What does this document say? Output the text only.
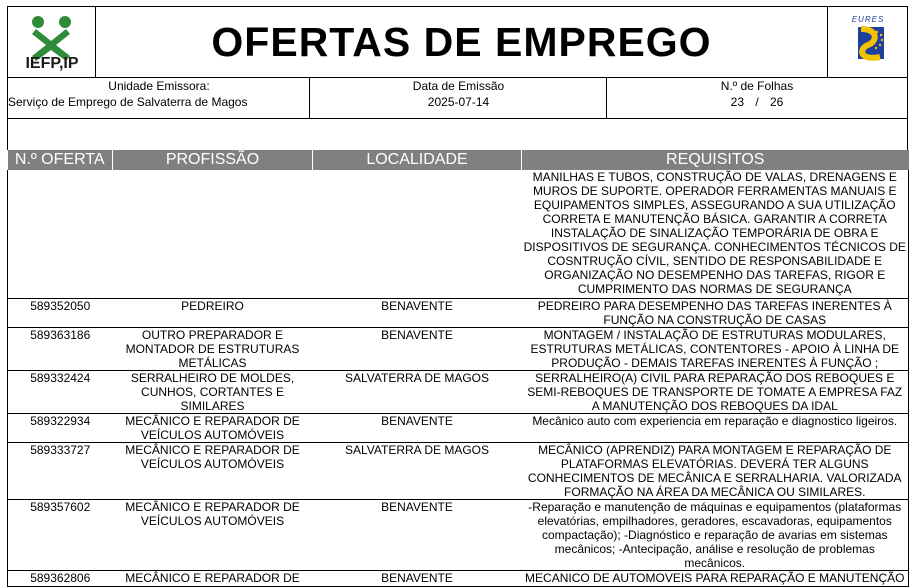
IEFP,IP	OFERTAS DE EMPREGO	EURES
Unidade Emissora:
Serviço de Emprego de Salvaterra de Magos
Data de Emissão
2025-07-14
N.º de Folhas
23 / 26
N.º OFERTA	PROFISSÃO	LOCALIDADE	REQUISITOS
			MANILHAS E TUBOS, CONSTRUÇÃO DE VALAS, DRENAGENS E MUROS DE SUPORTE. OPERADOR FERRAMENTAS MANUAIS E EQUIPAMENTOS SIMPLES, ASSEGURANDO A SUA UTILIZAÇÃO CORRETA E MANUTENÇÃO BÁSICA. GARANTIR A CORRETA INSTALAÇÃO DE SINALIZAÇÃO TEMPORÁRIA DE OBRA E DISPOSITIVOS DE SEGURANÇA. CONHECIMENTOS TÉCNICOS DE COSNTRUÇÃO CÍVIL, SENTIDO DE RESPONSABILIDADE E ORGANIZAÇÃO NO DESEMPENHO DAS TAREFAS, RIGOR E CUMPRIMENTO DAS NORMAS DE SEGURANÇA
589352050	PEDREIRO	BENAVENTE	PEDREIRO PARA DESEMPENHO DAS TAREFAS INERENTES À FUNÇÃO NA CONSTRUÇÃO DE CASAS
589363186	OUTRO PREPARADOR E MONTADOR DE ESTRUTURAS METÁLICAS	BENAVENTE	MONTAGEM / INSTALAÇÃO DE ESTRUTURAS MODULARES, ESTRUTURAS METÁLICAS, CONTENTORES - APOIO À LINHA DE PRODUÇÃO - DEMAIS TAREFAS INERENTES À FUNÇÃO ;
589332424	SERRALHEIRO DE MOLDES, CUNHOS, CORTANTES E SIMILARES	SALVATERRA DE MAGOS	SERRALHEIRO(A) CIVIL PARA REPARAÇÃO DOS REBOQUES E SEMI-REBOQUES DE TRANSPORTE DE TOMATE A EMPRESA FAZ A MANUTENÇÃO DOS REBOQUES DA IDAL
589322934	MECÂNICO E REPARADOR DE VEÍCULOS AUTOMÓVEIS	BENAVENTE	Mecânico auto com experiencia em reparação e diagnostico ligeiros.
589333727	MECÂNICO E REPARADOR DE VEÍCULOS AUTOMÓVEIS	SALVATERRA DE MAGOS	MECÂNICO (APRENDIZ) PARA MONTAGEM E REPARAÇÃO DE PLATAFORMAS ELEVATÓRIAS. DEVERÁ TER ALGUNS CONHECIMENTOS DE MECÂNICA E SERRALHARIA. VALORIZADA FORMAÇÃO NA ÁREA DA MECÂNICA OU SIMILARES.
589357602	MECÂNICO E REPARADOR DE VEÍCULOS AUTOMÓVEIS	BENAVENTE	-Reparação e manutenção de máquinas e equipamentos (plataformas elevatórias, empilhadores, geradores, escavadoras, equipamentos compactação); -Diagnóstico e reparação de avarias em sistemas mecânicos; -Antecipação, análise e resolução de problemas mecânicos.
589362806	MECÂNICO E REPARADOR DE	BENAVENTE	MECANICO DE AUTOMOVEIS PARA REPARAÇÃO E MANUTENÇÃO
